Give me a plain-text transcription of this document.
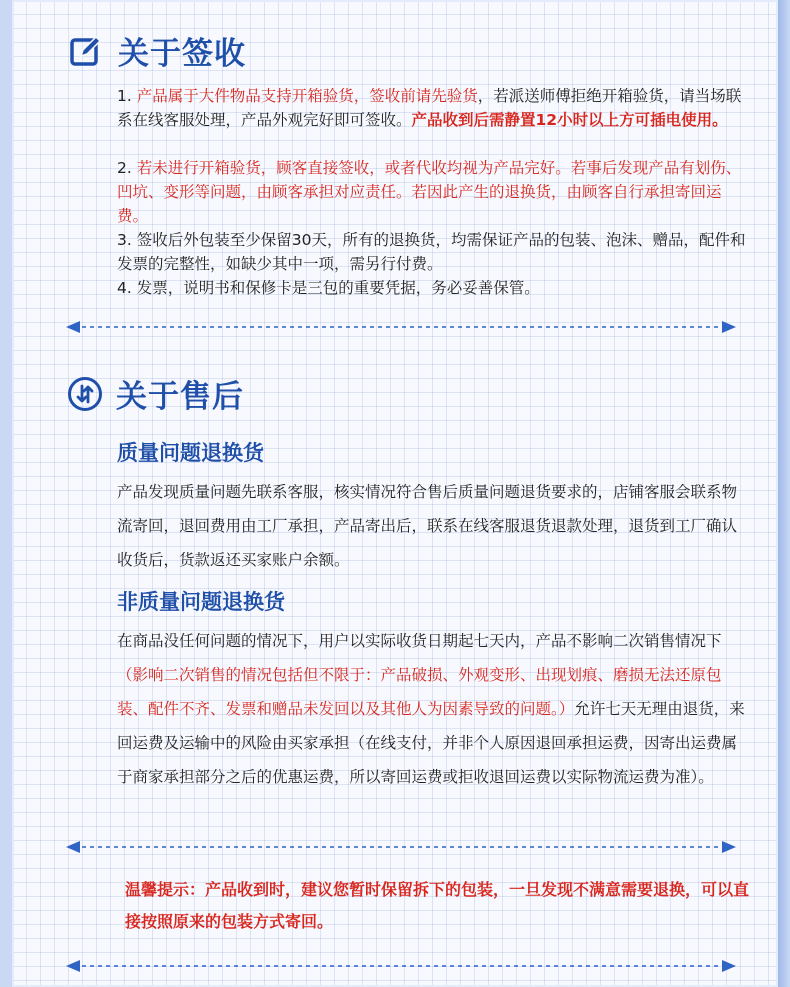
关于签收

1. 产品属于大件物品支持开箱验货，签收前请先验货，若派送师傅拒绝开箱验货，请当场联系在线客服处理，产品外观完好即可签收。产品收到后需静置12小时以上方可插电使用。

2. 若未进行开箱验货，顾客直接签收，或者代收均视为产品完好。若事后发现产品有划伤、凹坑、变形等问题，由顾客承担对应责任。若因此产生的退换货，由顾客自行承担寄回运费。

3. 签收后外包装至少保留30天，所有的退换货，均需保证产品的包装、泡沫、赠品，配件和发票的完整性，如缺少其中一项，需另行付费。

4. 发票，说明书和保修卡是三包的重要凭据，务必妥善保管。

关于售后
质量问题退换货

产品发现质量问题先联系客服，核实情况符合售后质量问题退货要求的，店铺客服会联系物流寄回，退回费用由工厂承担，产品寄出后，联系在线客服退货退款处理，退货到工厂确认收货后，货款返还买家账户余额。

非质量问题退换货

在商品没任何问题的情况下，用户以实际收货日期起七天内，产品不影响二次销售情况下（影响二次销售的情况包括但不限于：产品破损、外观变形、出现划痕、磨损无法还原包装、配件不齐、发票和赠品未发回以及其他人为因素导致的问题。）允许七天无理由退货，来回运费及运输中的风险由买家承担（在线支付，并非个人原因退回承担运费，因寄出运费属于商家承担部分之后的优惠运费，所以寄回运费或拒收退回运费以实际物流运费为准）。

温馨提示：产品收到时，建议您暂时保留拆下的包装，一旦发现不满意需要退换，可以直接按照原来的包装方式寄回。
